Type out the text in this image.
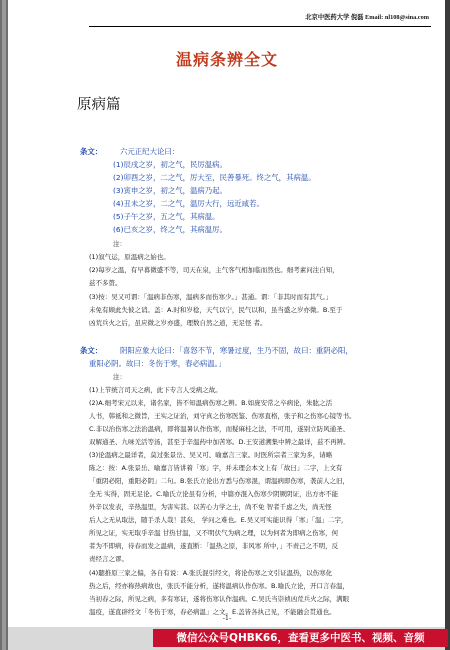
北京中医药大学 倪磊 Email: nl108@sina.com
温病条辨全文
原病篇
条文： 六元正纪大论曰：
(1)辰戌之岁，初之气，民厉温病。
(2)卯酉之岁，二之气，厉大至，民善暴死。终之气，其病温。
(3)寅申之岁，初之气，温病乃起。
(4)丑未之岁，二之气，温厉大行，远近咸若。
(5)子午之岁，五之气，其病温。
(6)已亥之岁，终之气，其病温厉。
注：
(1)叙气运，原温病之始也。
(2)每岁之温，有早暮微盛不等，司天在泉，主气客气相加临而然也。细考素问注自知，
兹不多赘。
(3)按：吴又可谓：「温病非伤寒，温病多而伤寒少。」甚通。谓：「非其时而有其气。」
未免有顾此失彼之诮。盖：A.时和岁稔，天气以宁，民气以和，虽当盛之岁亦微。B.至于
凶荒兵火之后，虽应微之岁亦盛，理数自然之道，无足怪 者。
条文： 阴阳应象大论曰：「喜怒不节，寒暑过度，生乃不固，故曰：重阴必阳，
重阳必阴。故曰：冬伤于寒，春必病温。」
注：
(1)上节统言司天之病，此下专言人受病之故。
(2)A.细考宋元以来，诸名家，皆不知温病伤寒之辨。B.如庞安常之卒病论，朱肱之活
人书，韩祗和之微旨，王实之证治，刘守真之伤寒医鉴、伤寒直格，张子和之伤寒心镜等书。
C.非以治伤寒之法治温病，即将温暑认作伤寒，而疑麻桂之法，不可用，遂别立防风通圣、
双解通圣、九味羌活等汤，甚至于辛温药中加苦寒。D.王安道溯集中辨之最详，兹不再辨。
(3)论温病之最详者，莫过张景岳、吴又可、喻嘉言三家。时医所宗者三家为多，请略
陈之：按：A.张景岳、喻嘉言皆讲着「寒」字，并未理会本文上有「故曰」二字，上文有
「重阴必阳，重阳必阴」二句。B.张氏立论出方悉与伤寒混，谓温病即伤寒，袭前人之旧，
全无 实得，固无足论。C.喻氏立论虽有分析，中篇亦混入伤寒少阴厥阴证，出方亦不能
外辛以发表，辛热温里，为害实甚。以苦心力学之士，尚不免 智者千虑之失，尚无怪
后人之无从取法，随手杀人哉！甚矣， 学问之难也。E.吴又可实能识得「寒」「温」二字，
所见之证，实无取乎辛温 甘热甘温，又不明伏气为病之理，以为何者为即病之伤寒，何
者为不即病，待春而发之温病，遂直断：「温热之原，非风寒 所中，」不责己之不明，反
责经言之谬。
(4)聽推原三家之偏，各自有说：A.张氏混引经文，将论伤寒之文引证温热，以伤寒化
热之后，经亦称热病故也，张氏不能分析，遂将温病认作伤寒。B.喻氏立论，开口言春温，
当初春之际，所见之病，多有寒证，遂将伤寒认作温病。C.吴氏当崇祯凶荒兵火之际，满眼
温疫，遂直辟经文「冬伤于寒，春必病温」之文。E.盖皆各执己见，不能融会贯通也。
-1-
微信公众号QHBK66，查看更多中医书、视频、音频
